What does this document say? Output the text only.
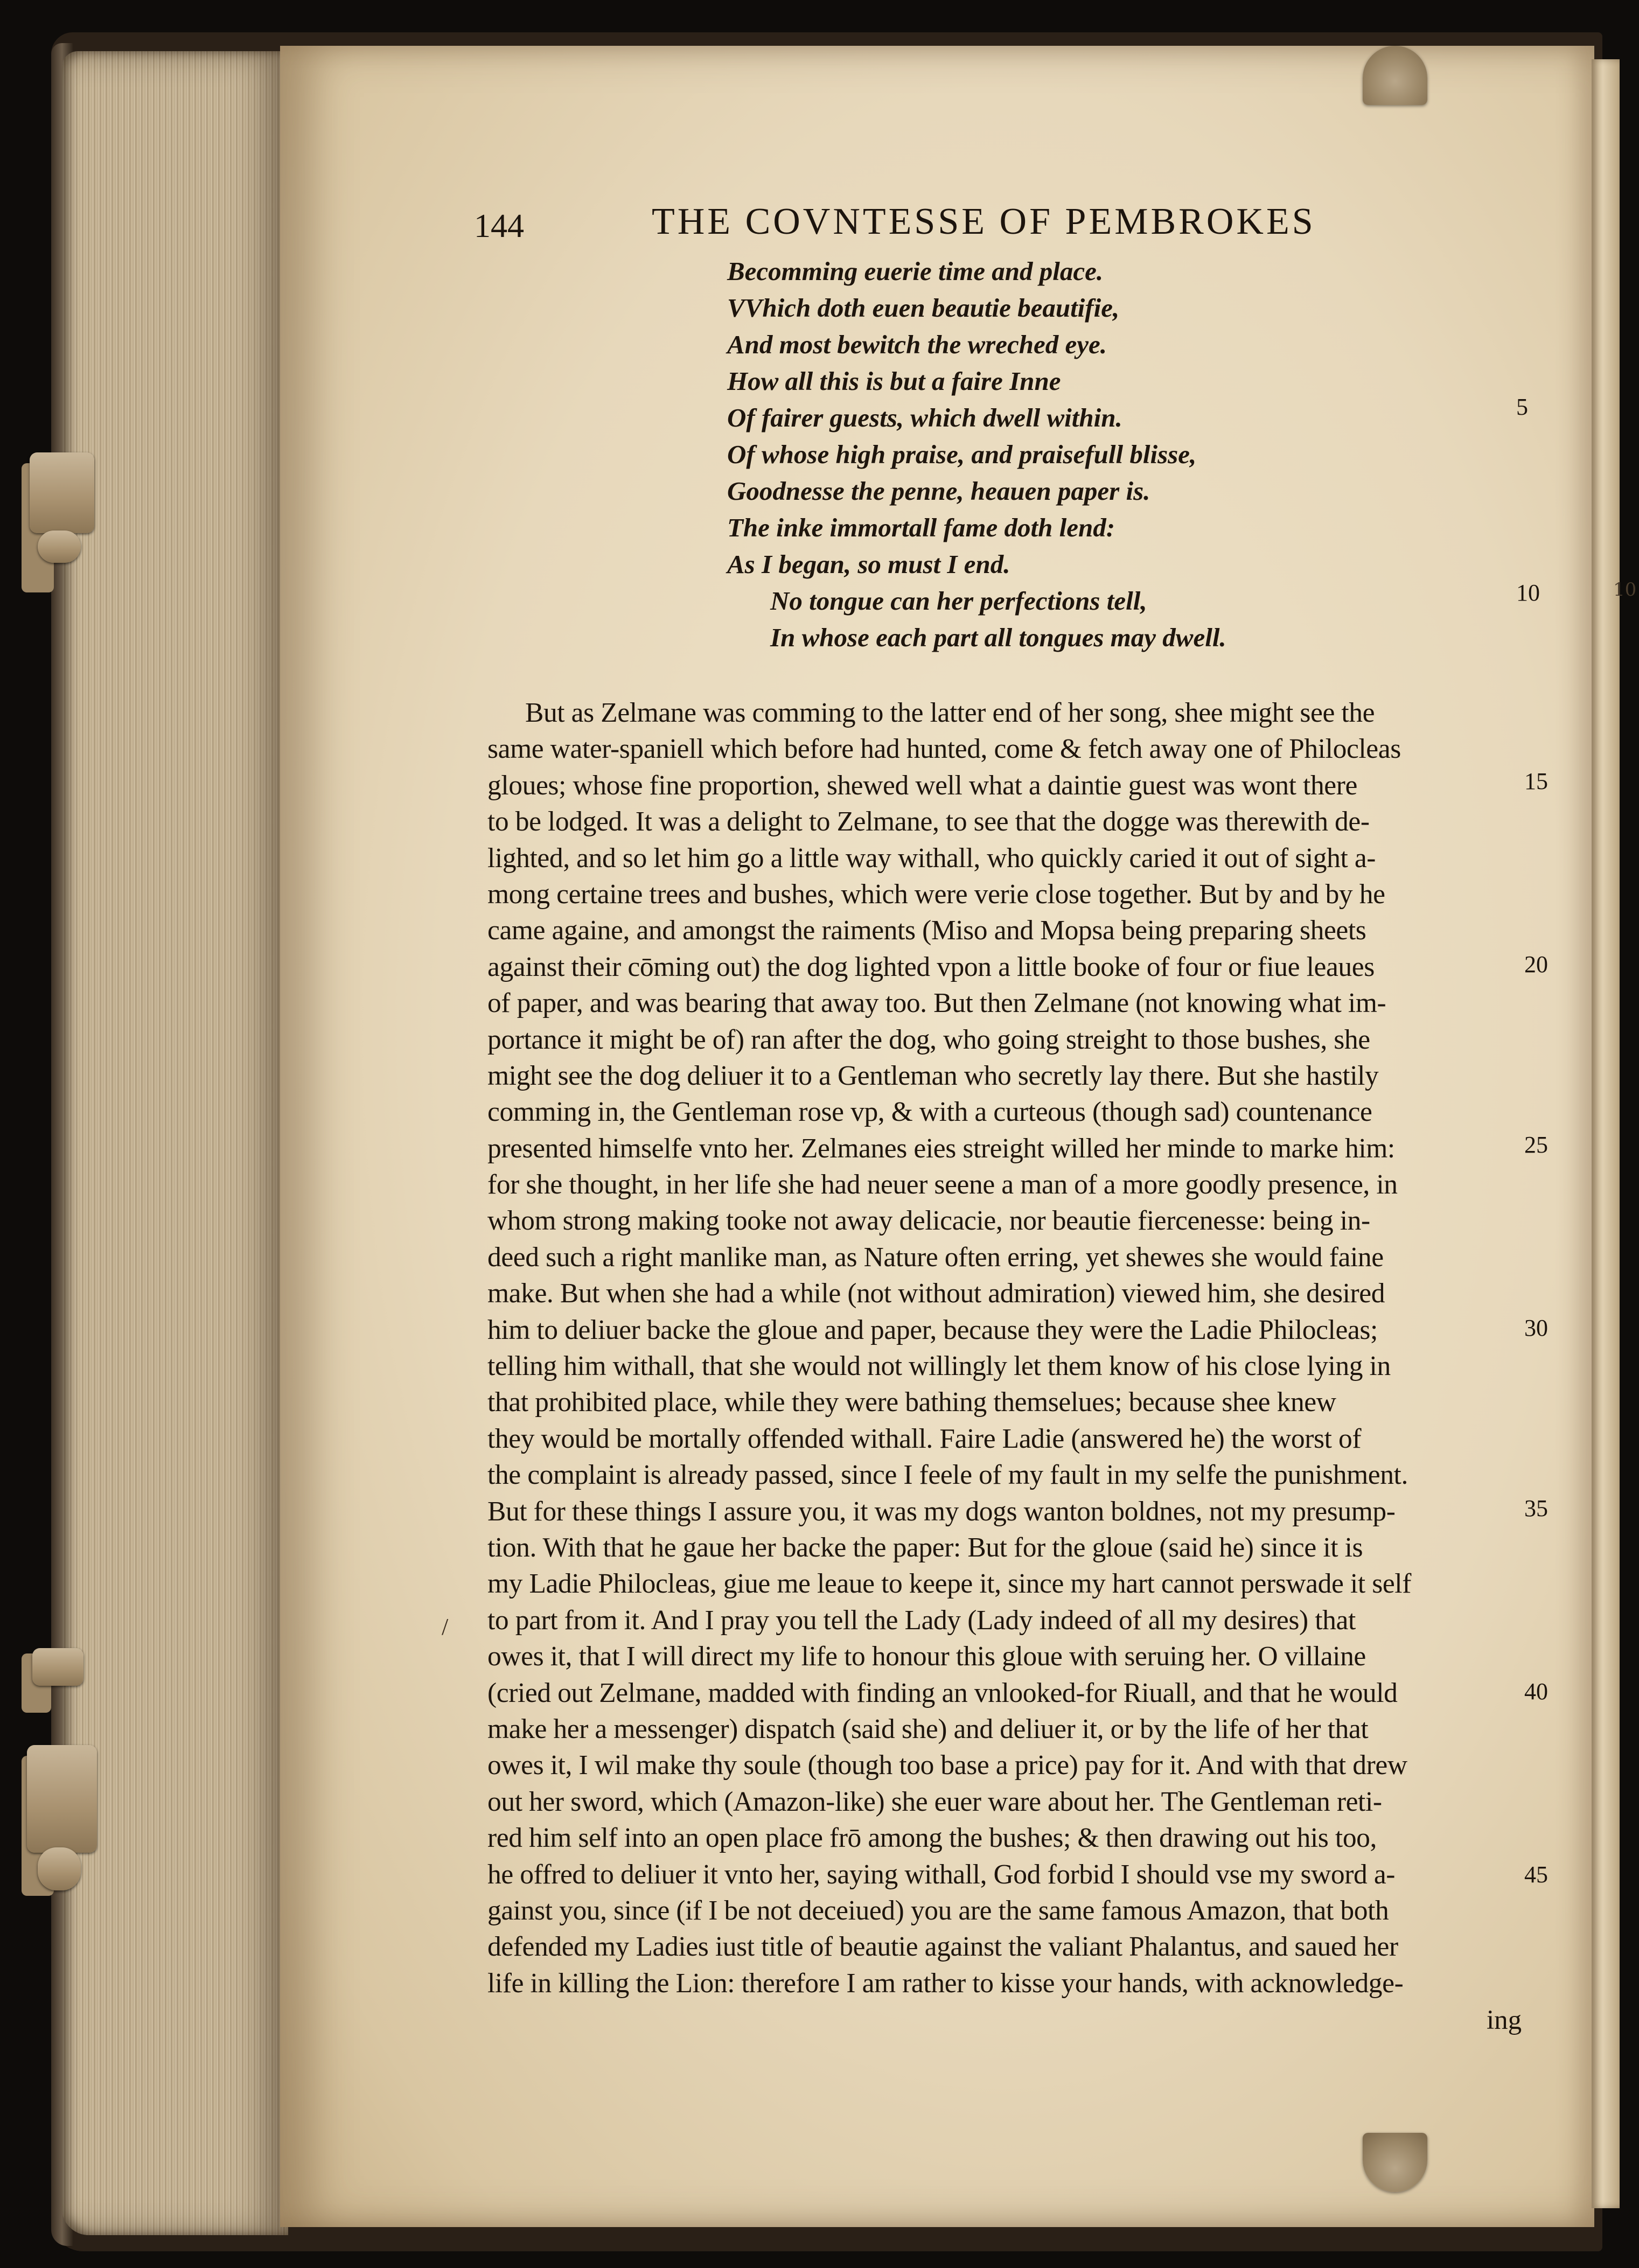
10
144	THE COVNTESSE OF PEMBROKES
Becomming euerie time and place.
VVhich doth euen beautie beautifie,
And most bewitch the wreched eye.
How all this is but a faire Inne
Of fairer guests, which dwell within.
Of whose high praise, and praisefull blisse,
Goodnesse the penne, heauen paper is.
The inke immortall fame doth lend:
As I began, so must I end.
No tongue can her perfections tell,
In whose each part all tongues may dwell.
5
10
But as Zelmane was comming to the latter end of her song, shee might see the
same water-spaniell which before had hunted, come & fetch away one of Philocleas
gloues; whose fine proportion, shewed well what a daintie guest was wont there
to be lodged. It was a delight to Zelmane, to see that the dogge was therewith de-
lighted, and so let him go a little way withall, who quickly caried it out of sight a-
mong certaine trees and bushes, which were verie close together. But by and by he
came againe, and amongst the raiments (Miso and Mopsa being preparing sheets
against their cōming out) the dog lighted vpon a little booke of four or fiue leaues
of paper, and was bearing that away too. But then Zelmane (not knowing what im-
portance it might be of) ran after the dog, who going streight to those bushes, she
might see the dog deliuer it to a Gentleman who secretly lay there. But she hastily
comming in, the Gentleman rose vp, & with a curteous (though sad) countenance
presented himselfe vnto her. Zelmanes eies streight willed her minde to marke him:
for she thought, in her life she had neuer seene a man of a more goodly presence, in
whom strong making tooke not away delicacie, nor beautie fiercenesse: being in-
deed such a right manlike man, as Nature often erring, yet shewes she would faine
make. But when she had a while (not without admiration) viewed him, she desired
him to deliuer backe the gloue and paper, because they were the Ladie Philocleas;
telling him withall, that she would not willingly let them know of his close lying in
that prohibited place, while they were bathing themselues; because shee knew
they would be mortally offended withall. Faire Ladie (answered he) the worst of
the complaint is already passed, since I feele of my fault in my selfe the punishment.
But for these things I assure you, it was my dogs wanton boldnes, not my presump-
tion. With that he gaue her backe the paper: But for the gloue (said he) since it is
my Ladie Philocleas, giue me leaue to keepe it, since my hart cannot perswade it self
to part from it. And I pray you tell the Lady (Lady indeed of all my desires) that
owes it, that I will direct my life to honour this gloue with seruing her. O villaine
(cried out Zelmane, madded with finding an vnlooked-for Riuall, and that he would
make her a messenger) dispatch (said she) and deliuer it, or by the life of her that
owes it, I wil make thy soule (though too base a price) pay for it. And with that drew
out her sword, which (Amazon-like) she euer ware about her. The Gentleman reti-
red him self into an open place frō among the bushes; & then drawing out his too,
he offred to deliuer it vnto her, saying withall, God forbid I should vse my sword a-
gainst you, since (if I be not deceiued) you are the same famous Amazon, that both
defended my Ladies iust title of beautie against the valiant Phalantus, and saued her
life in killing the Lion: therefore I am rather to kisse your hands, with acknowledge-
15
20
25
30
35
40
45
/
ing
